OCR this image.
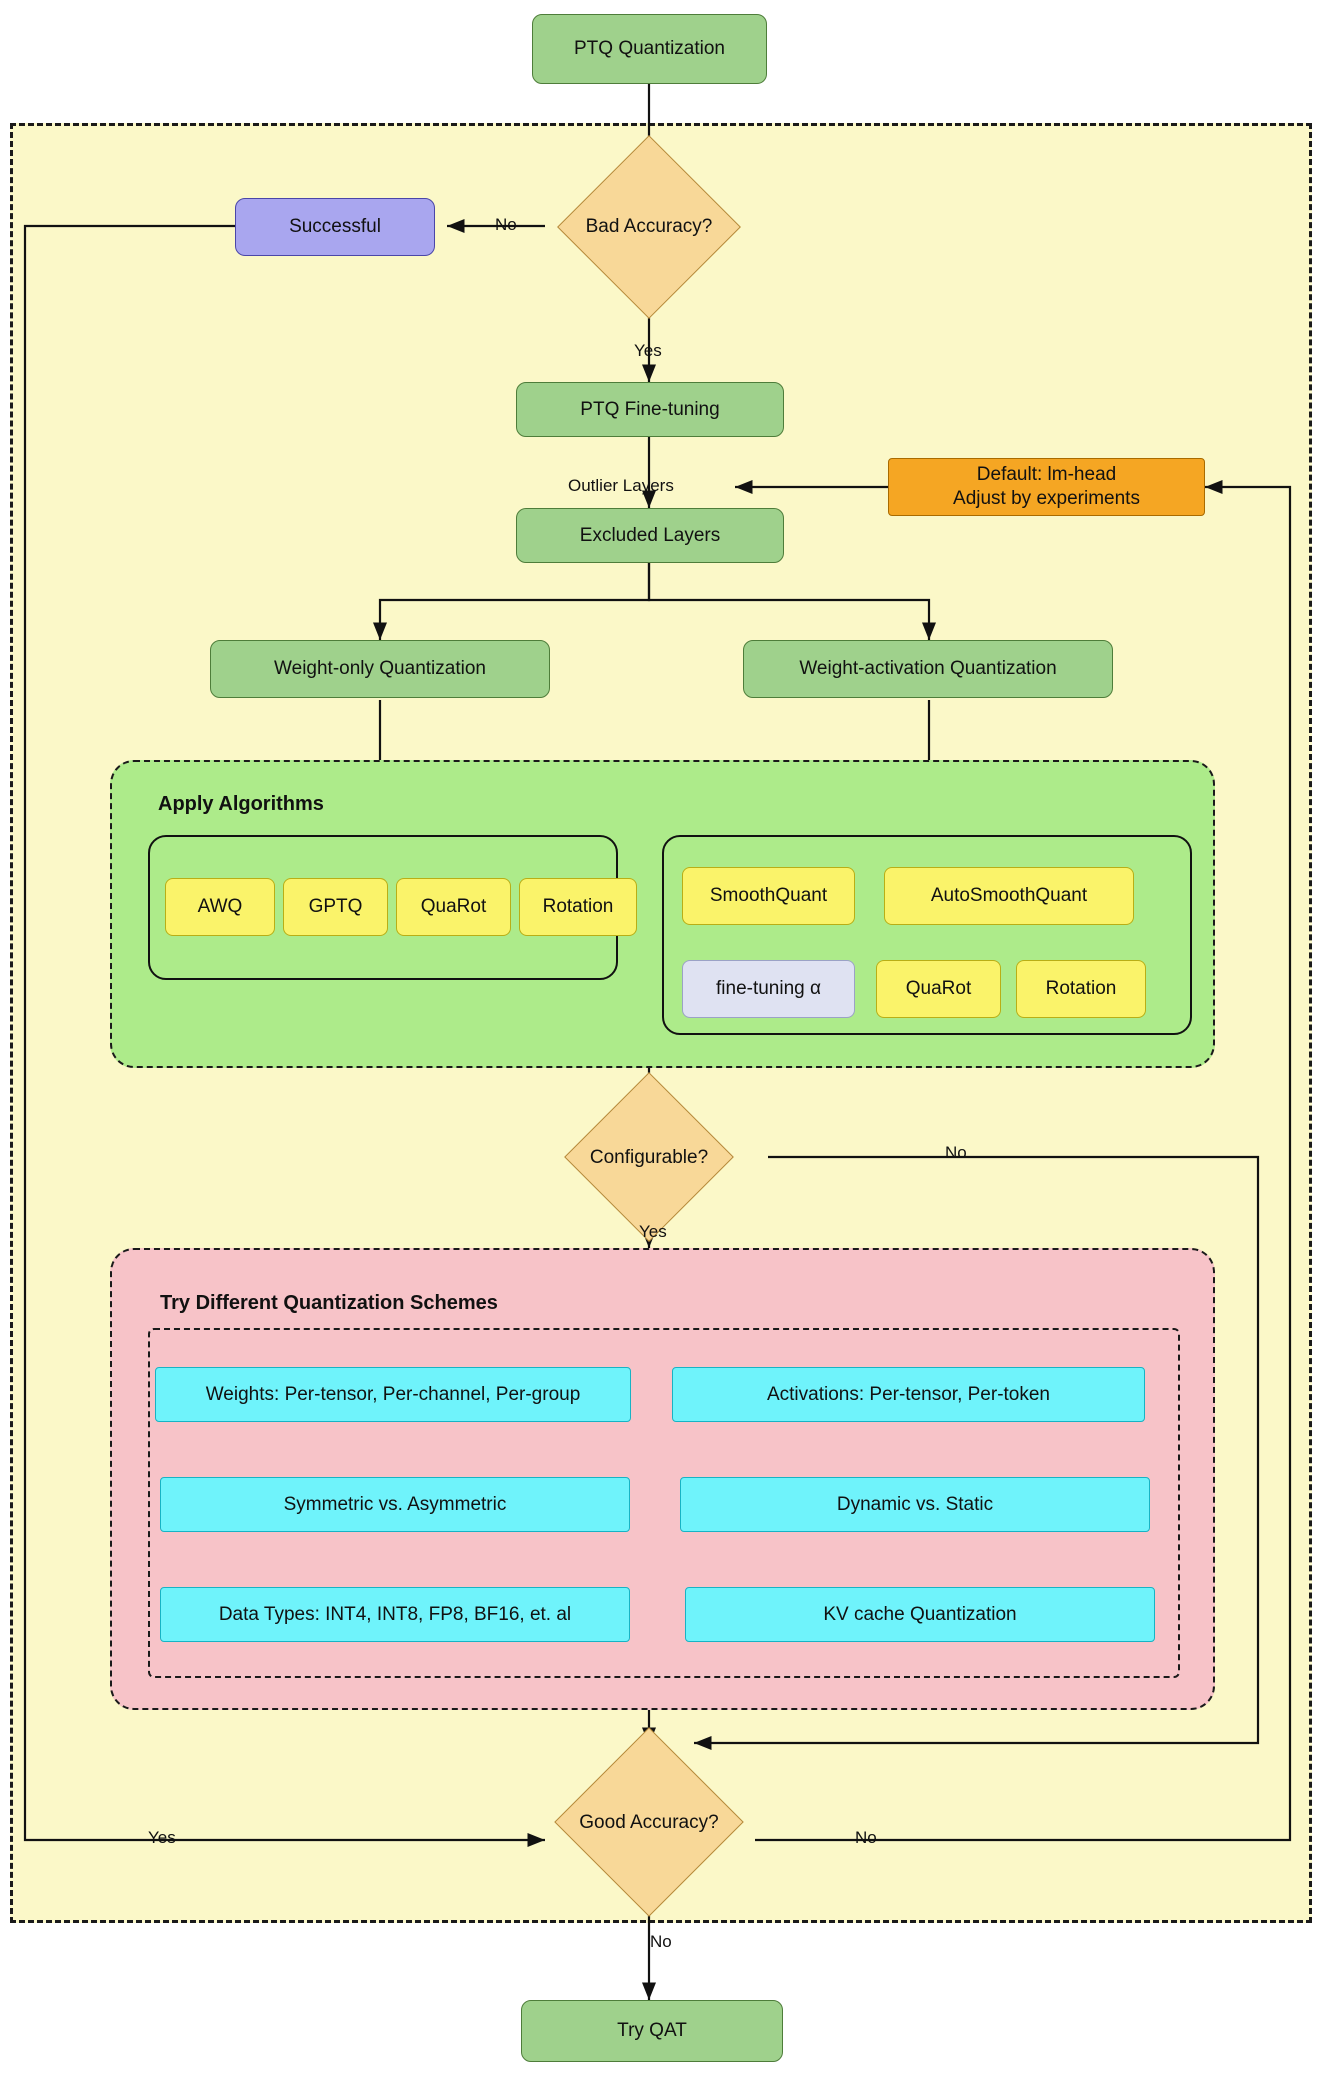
PTQ Quantization
Bad Accuracy?
No
Yes
Successful
PTQ Fine-tuning
Outlier Layers
Excluded Layers
Default: lm-head
Adjust by experiments
Weight-only Quantization	Weight-activation Quantization
Apply Algorithms
AWQ	GPTQ	QuaRot	Rotation
SmoothQuant	AutoSmoothQuant
fine-tuning α	QuaRot	Rotation
Configurable?	No
Yes
Try Different Quantization Schemes
Weights: Per-tensor, Per-channel, Per-group	Activations: Per-tensor, Per-token
Symmetric vs. Asymmetric	Dynamic vs. Static
Data Types: INT4, INT8, FP8, BF16, et. al	KV cache Quantization
Good Accuracy?
Yes	No
No
Try QAT
